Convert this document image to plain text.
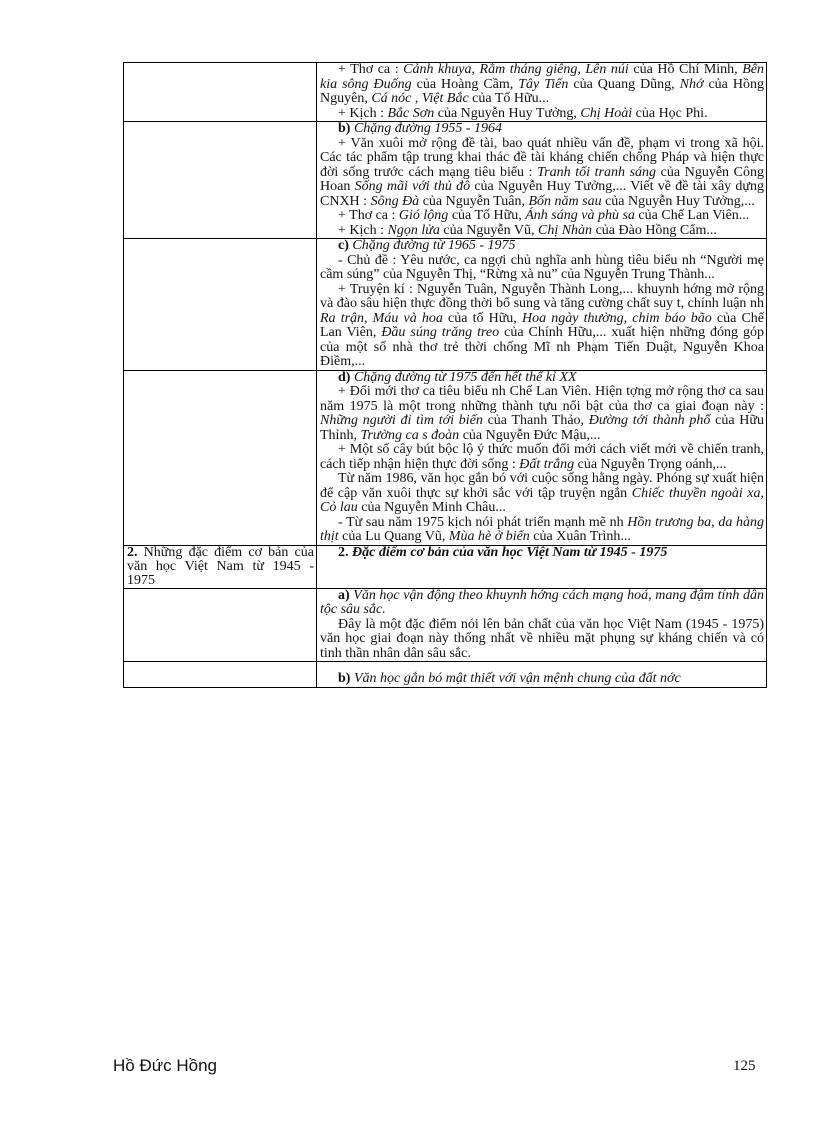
	+ Thơ ca : Cảnh khuya, Rằm tháng giêng, Lên núi của Hồ Chí Minh, Bên kia sông Đuống của Hoàng Cầm, Tây Tiến của Quang Dũng, Nhớ của Hồng Nguyên, Cá nóc , Việt Bắc của Tố Hữu...
+ Kịch : Bắc Sơn của Nguyễn Huy Tưởng, Chị Hoài của Học Phi.

	b) Chặng đường 1955 - 1964
+ Văn xuôi mở rộng đề tài, bao quát nhiều vấn đề, phạm vi trong xã hội. Các tác phẩm tập trung khai thác đề tài kháng chiến chống Pháp và hiện thực đời sống trước cách mạng tiêu biểu : Tranh tối tranh sáng của Nguyễn Công Hoan Sống mãi với thủ đô của Nguyễn Huy Tưởng,... Viết về đề tài xây dựng CNXH : Sông Đà của Nguyễn Tuân, Bốn năm sau của Nguyễn Huy Tưởng,...
+ Thơ ca : Gió lộng của Tố Hữu, Ánh sáng và phù sa của Chế Lan Viên...
+ Kịch : Ngọn lửa của Nguyễn Vũ, Chị Nhàn của Đào Hồng Cẩm...

	c) Chặng đường từ 1965 - 1975
- Chủ đề : Yêu nước, ca ngợi chủ nghĩa anh hùng tiêu biểu nh “Người mẹ cầm súng” của Nguyễn Thị, “Rừng xà nu” của Nguyễn Trung Thành...
+ Truyện kí : Nguyễn Tuân, Nguyễn Thành Long,... khuynh hớng mở rộng và đào sâu hiện thực đồng thời bổ sung và tăng cường chất suy t, chính luận nh Ra trận, Máu và hoa của tố Hữu, Hoa ngày thường, chim báo bão của Chế Lan Viên, Đầu súng trăng treo của Chính Hữu,... xuất hiện những đóng góp của một số nhà thơ trẻ thời chống Mĩ nh Phạm Tiến Duật, Nguyễn Khoa Điềm,...

	d) Chặng đường từ 1975 đến hết thế kỉ XX
+ Đổi mới thơ ca tiêu biểu nh Chế Lan Viên. Hiện tợng mở rộng thơ ca sau năm 1975 là một trong những thành tựu nổi bật của thơ ca giai đoạn này : Những người đi tìm tới biển của Thanh Thảo, Đường tới thành phố của Hữu Thỉnh, Trường ca s đoàn của Nguyễn Đức Mậu,...
+ Một số cây bút bộc lộ ý thức muốn đổi mới cách viết mới về chiến tranh, cách tiếp nhận hiện thực đời sống : Đất trắng của Nguyễn Trọng oánh,...
Từ năm 1986, văn học gắn bó với cuộc sống hằng ngày. Phóng sự xuất hiện để cập văn xuôi thực sự khởi sắc với tập truyện ngắn Chiếc thuyền ngoài xa, Cỏ lau của Nguyễn Minh Châu...
- Từ sau năm 1975 kịch nói phát triển mạnh mẽ nh Hồn trương ba, da hàng thịt của Lu Quang Vũ, Mùa hè ở biển của Xuân Trình...

2. Những đặc điểm cơ bản của văn học Việt Nam từ 1945 - 1975	2. Đặc điểm cơ bản của văn học Việt Nam từ 1945 - 1975

	a) Văn học vận động theo khuynh hớng cách mạng hoá, mang đậm tính dân tộc sâu sắc.
Đây là một đặc điểm nói lên bản chất của văn học Việt Nam (1945 - 1975) văn học giai đoạn này thống nhất về nhiều mặt phụng sự kháng chiến và có tinh thần nhân dân sâu sắc.

	b) Văn học gắn bó mật thiết với vận mệnh chung của đất nớc
Hồ Đức Hồng	125
